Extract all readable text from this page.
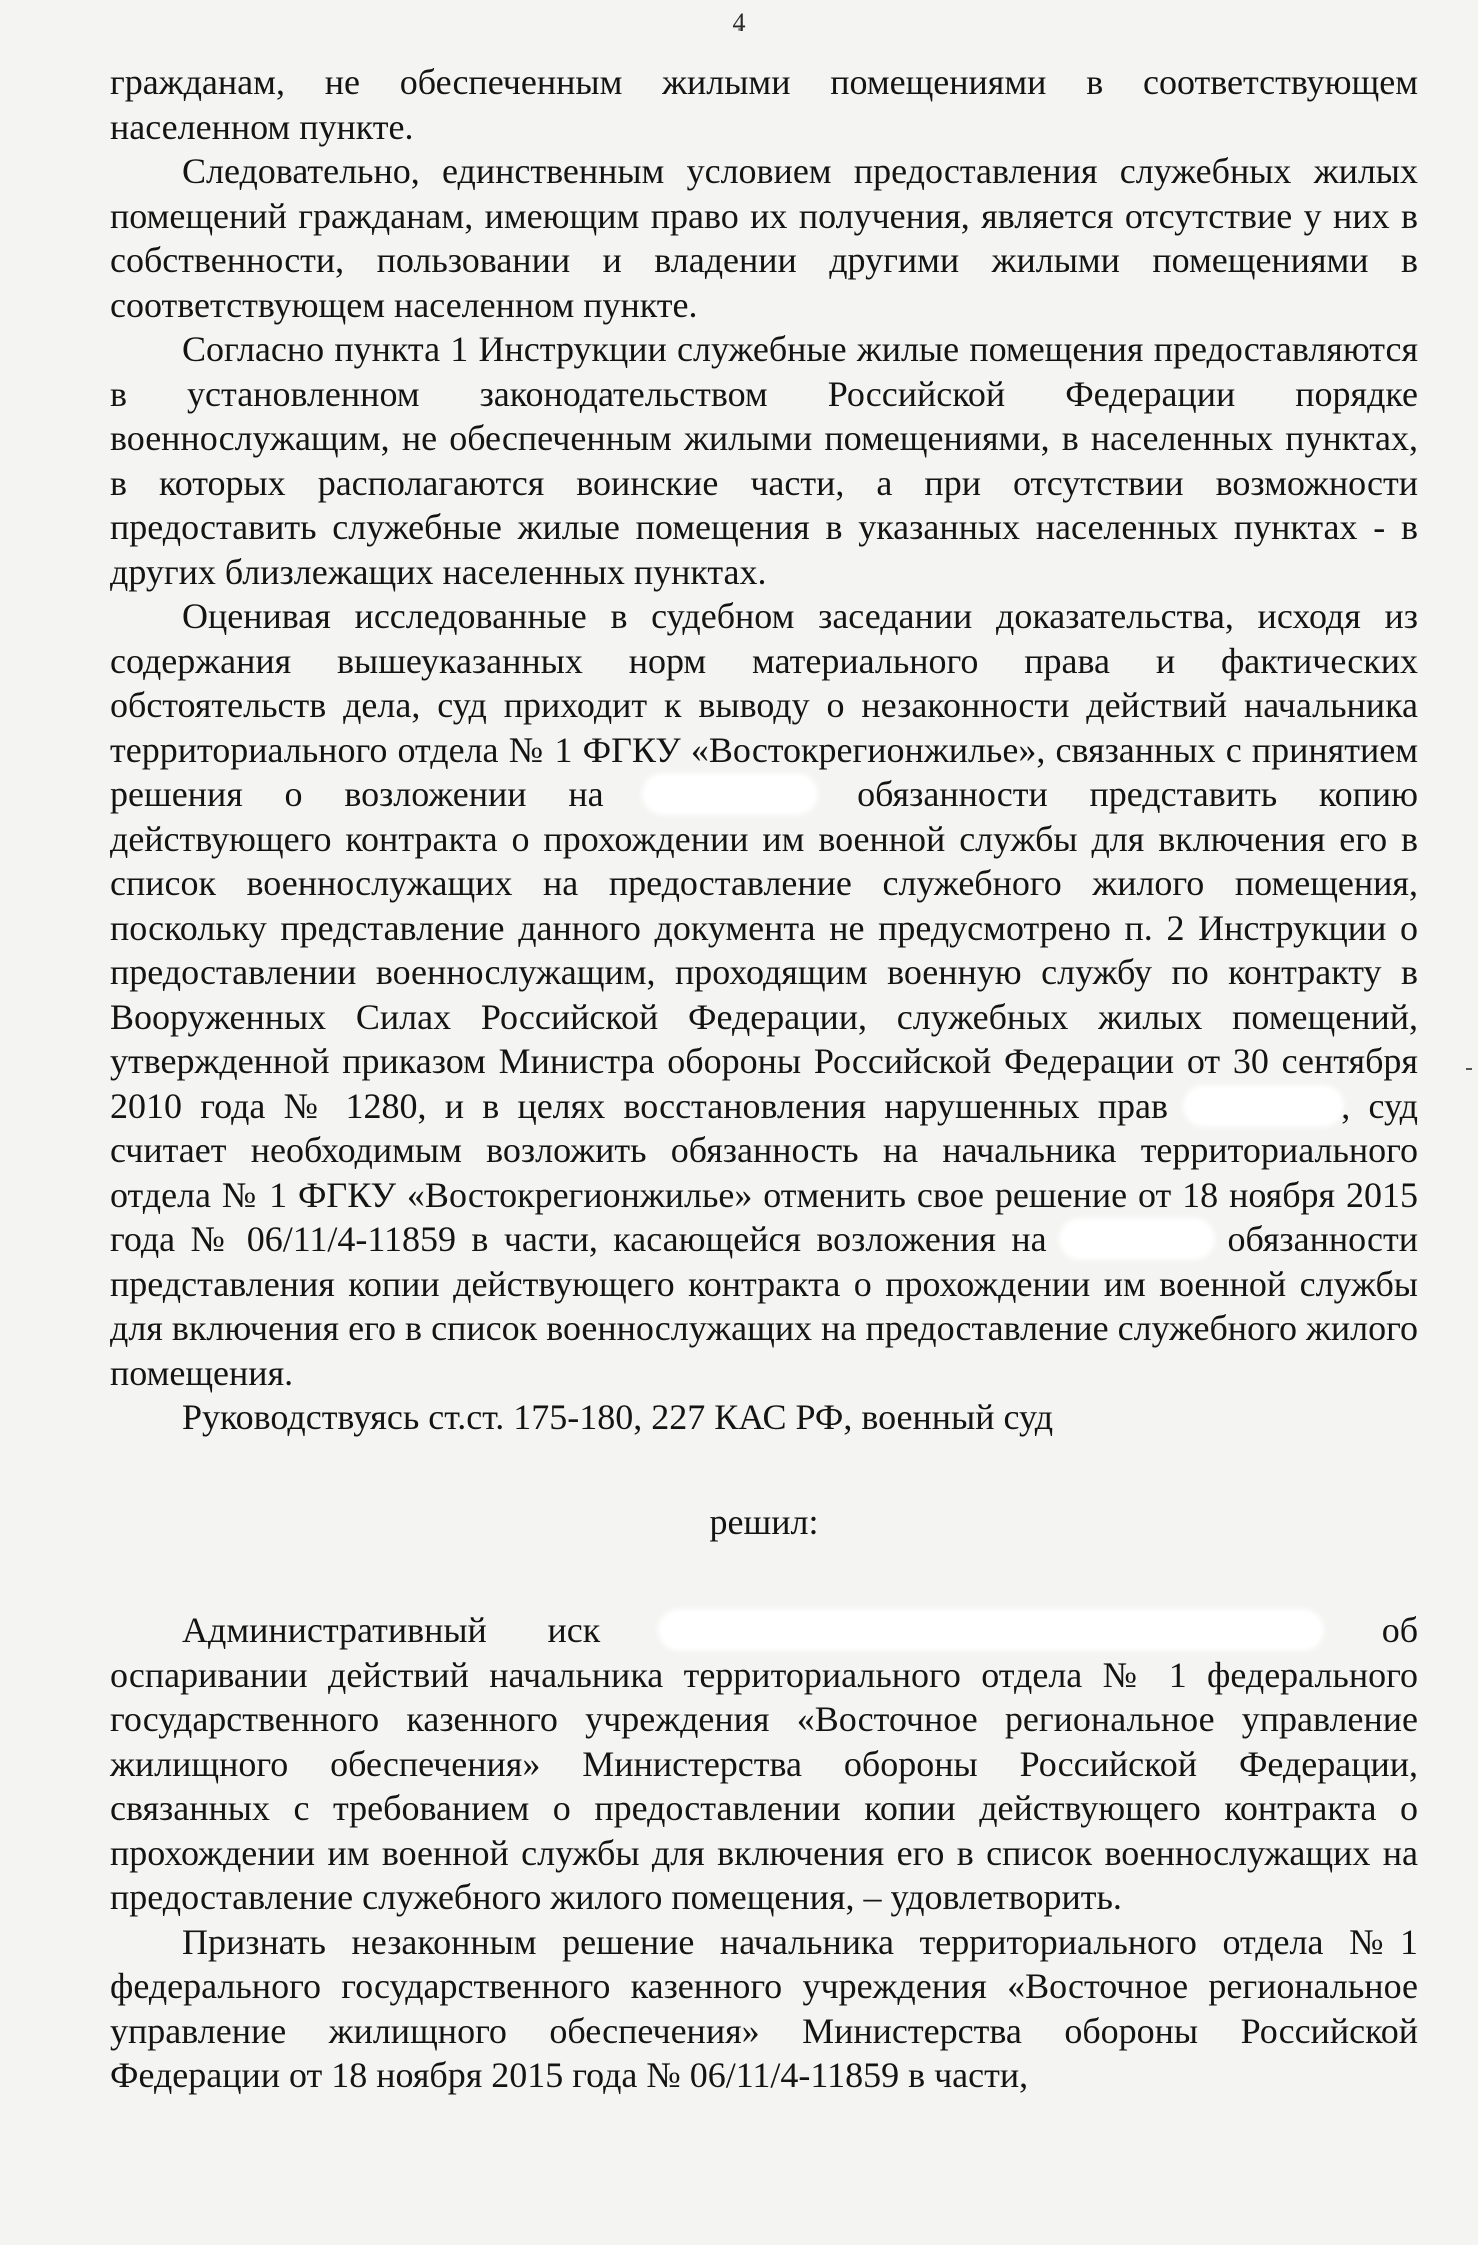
4

гражданам, не обеспеченным жилыми помещениями в соответствующем населенном пункте.

Следовательно, единственным условием предоставления служебных жилых помещений гражданам, имеющим право их получения, является отсутствие у них в собственности, пользовании и владении другими жилыми помещениями в соответствующем населенном пункте.

Согласно пункта 1 Инструкции служебные жилые помещения предоставляются в установленном законодательством Российской Федерации порядке военнослужащим, не обеспеченным жилыми помещениями, в населенных пунктах, в которых располагаются воинские части, а при отсутствии возможности предоставить служебные жилые помещения в указанных населенных пунктах - в других близлежащих населенных пунктах.

Оценивая исследованные в судебном заседании доказательства, исходя из содержания вышеуказанных норм материального права и фактических обстоятельств дела, суд приходит к выводу о незаконности действий начальника территориального отдела № 1 ФГКУ «Востокрегионжилье», связанных с принятием решения о возложении на	обязанности представить копию действующего контракта о прохождении им военной службы для включения его в список военнослужащих на предоставление служебного жилого помещения, поскольку представление данного документа не предусмотрено п. 2 Инструкции о предоставлении военнослужащим, проходящим военную службу по контракту в Вооруженных Силах Российской Федерации, служебных жилых помещений, утвержденной приказом Министра обороны Российской Федерации от 30 сентября 2010 года № 1280, и в целях восстановления нарушенных прав	, суд считает необходимым возложить обязанность на начальника территориального отдела № 1 ФГКУ «Востокрегионжилье» отменить свое решение от 18 ноября 2015 года № 06/11/4-11859 в части, касающейся возложения на	обязанности представления копии действующего контракта о прохождении им военной службы для включения его в список военнослужащих на предоставление служебного жилого помещения.

Руководствуясь ст.ст. 175-180, 227 КАС РФ, военный суд

решил:

Административный иск	об оспаривании действий начальника территориального отдела № 1 федерального государственного казенного учреждения «Восточное региональное управление жилищного обеспечения» Министерства обороны Российской Федерации, связанных с требованием о предоставлении копии действующего контракта о прохождении им военной службы для включения его в список военнослужащих на предоставление служебного жилого помещения, – удовлетворить.

Признать незаконным решение начальника территориального отдела №1 федерального государственного казенного учреждения «Восточное региональное управление жилищного обеспечения» Министерства обороны Российской Федерации от 18 ноября 2015 года № 06/11/4-11859 в части,
